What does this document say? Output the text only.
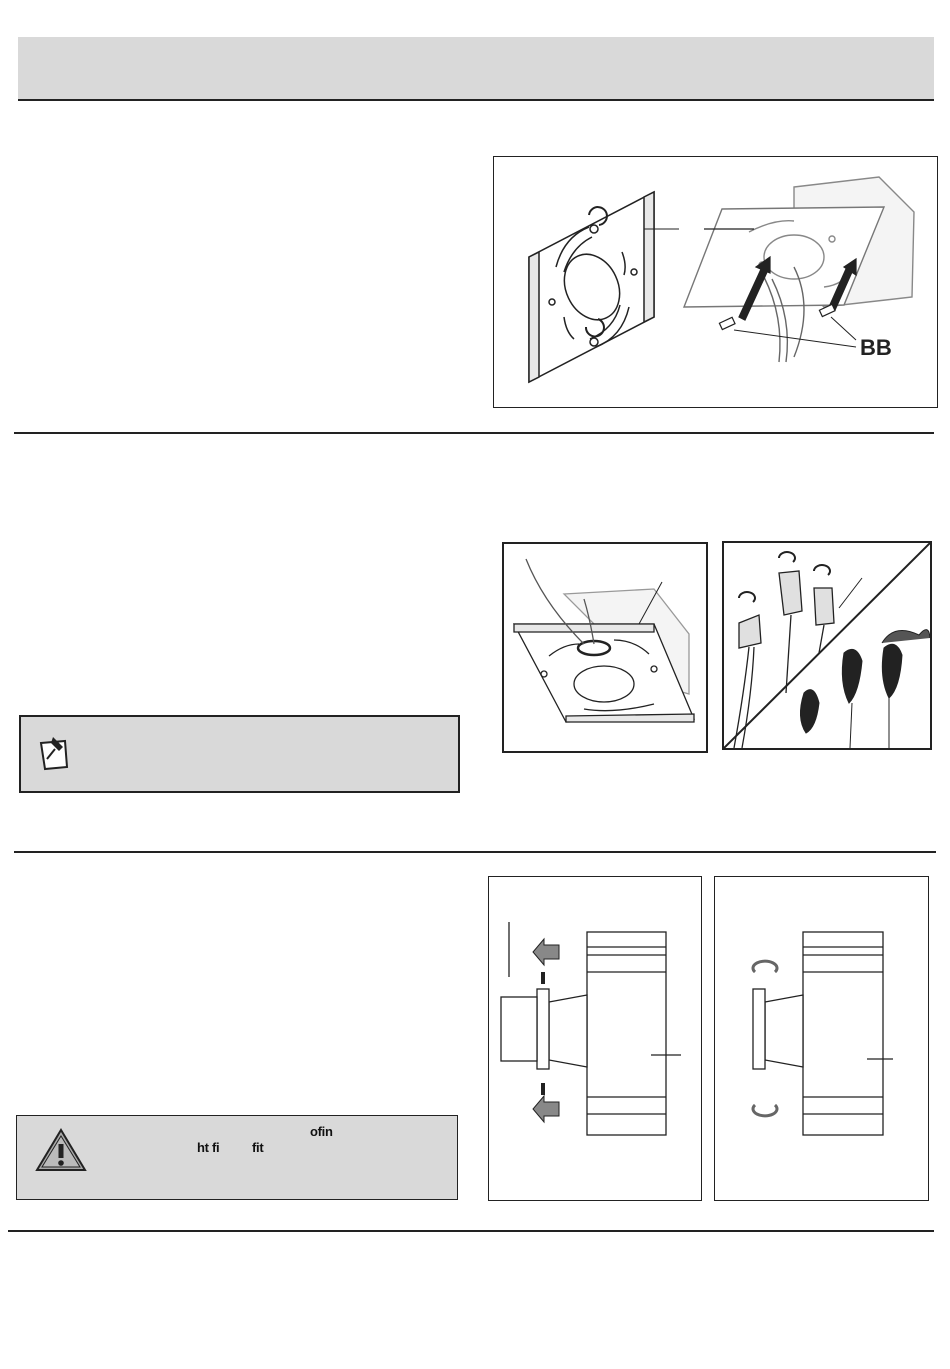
BB
ofin
ht fi	fit
